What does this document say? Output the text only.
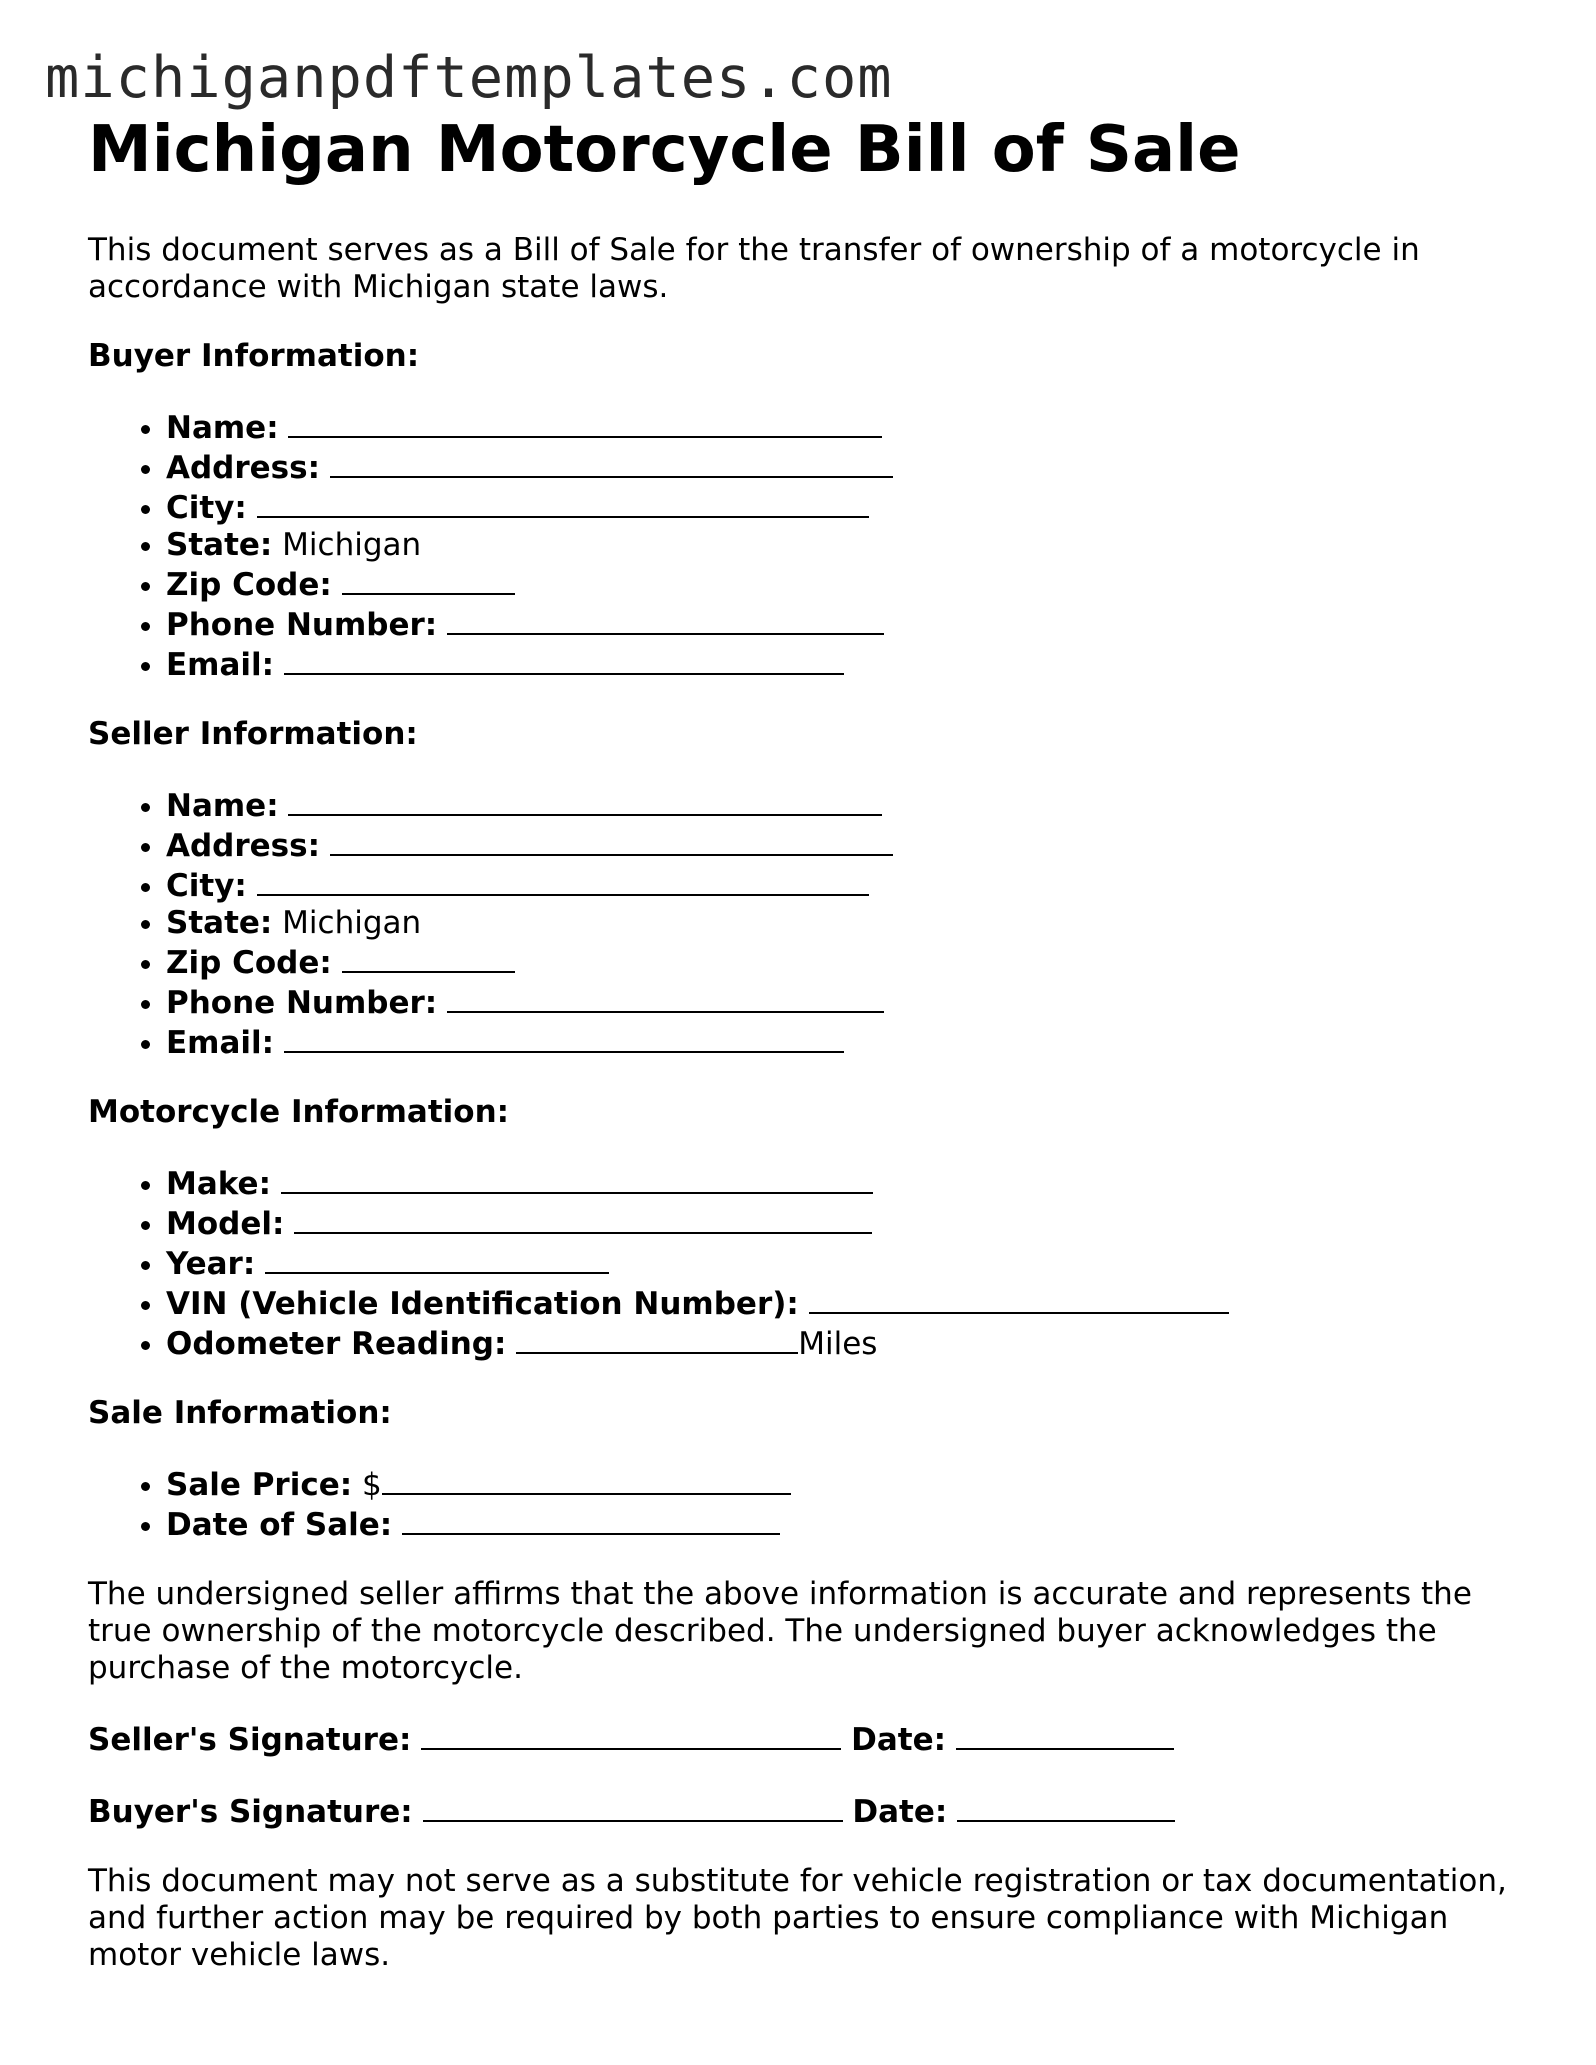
michiganpdftemplates.com
Michigan Motorcycle Bill of Sale

This document serves as a Bill of Sale for the transfer of ownership of a motorcycle in accordance with Michigan state laws.

Buyer Information:
• Name:
• Address:
• City:
• State: Michigan
• Zip Code:
• Phone Number:
• Email:
Seller Information:
• Name:
• Address:
• City:
• State: Michigan
• Zip Code:
• Phone Number:
• Email:
Motorcycle Information:
• Make:
• Model:
• Year:
• VIN (Vehicle Identification Number):
• Odometer Reading:	Miles
Sale Information:
• Sale Price: $
• Date of Sale:

The undersigned seller affirms that the above information is accurate and represents the true ownership of the motorcycle described. The undersigned buyer acknowledges the purchase of the motorcycle.

Seller's Signature:	Date:
Buyer's Signature:	Date:

This document may not serve as a substitute for vehicle registration or tax documentation, and further action may be required by both parties to ensure compliance with Michigan motor vehicle laws.
